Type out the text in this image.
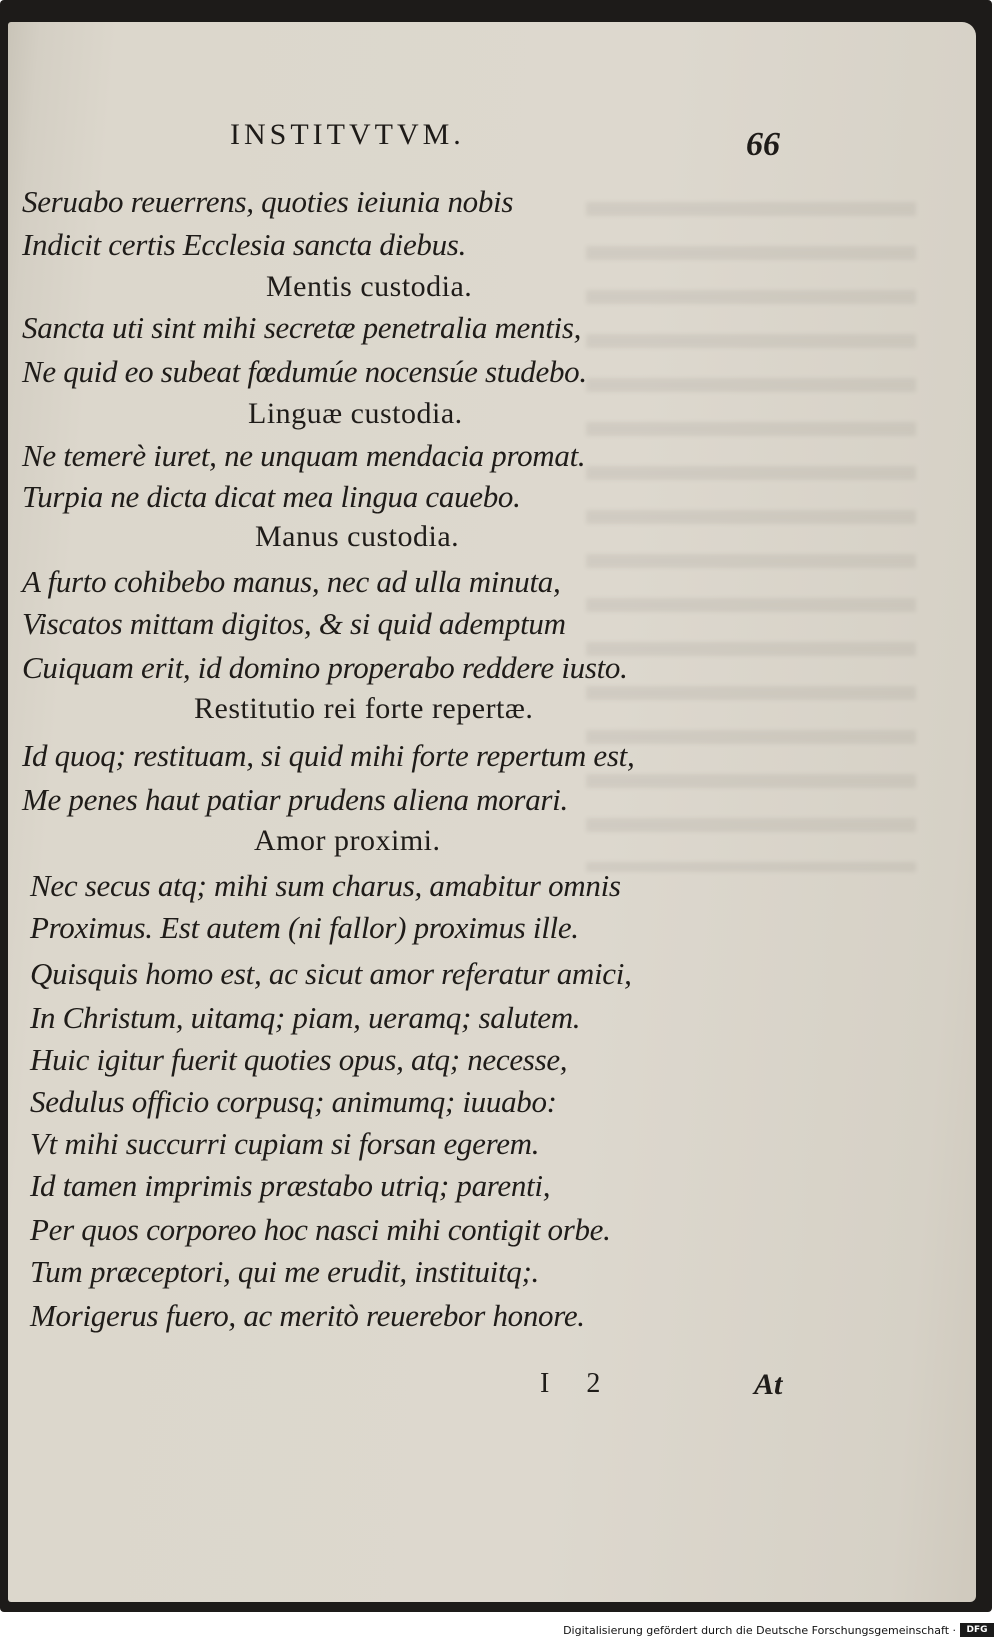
INSTITVTVM.	66
Seruabo reuerrens, quoties ieiunia nobis
Indicit certis Ecclesia sancta diebus.
Mentis custodia.
Sancta uti sint mihi secretæ penetralia mentis,
Ne quid eo subeat fœdumúe nocensúe studebo.
Linguæ custodia.
Ne temerè iuret, ne unquam mendacia promat.
Turpia ne dicta dicat mea lingua cauebo.
Manus custodia.
A furto cohibebo manus, nec ad ulla minuta,
Viscatos mittam digitos, & si quid ademptum
Cuiquam erit, id domino properabo reddere iusto.
Restitutio rei forte repertæ.
Id quoq; restituam, si quid mihi forte repertum est,
Me penes haut patiar prudens aliena morari.
Amor proximi.
Nec secus atq; mihi sum charus, amabitur omnis
Proximus. Est autem (ni fallor) proximus ille.
Quisquis homo est, ac sicut amor referatur amici,
In Christum, uitamq; piam, ueramq; salutem.
Huic igitur fuerit quoties opus, atq; necesse,
Sedulus officio corpusq; animumq; iuuabo:
Vt mihi succurri cupiam si forsan egerem.
Id tamen imprimis præstabo utriq; parenti,
Per quos corporeo hoc nasci mihi contigit orbe.
Tum præceptori, qui me erudit, instituitq;.
Morigerus fuero, ac meritò reuerebor honore.
I 2	At
Digitalisierung gefördert durch die Deutsche Forschungsgemeinschaft ·	DFG
